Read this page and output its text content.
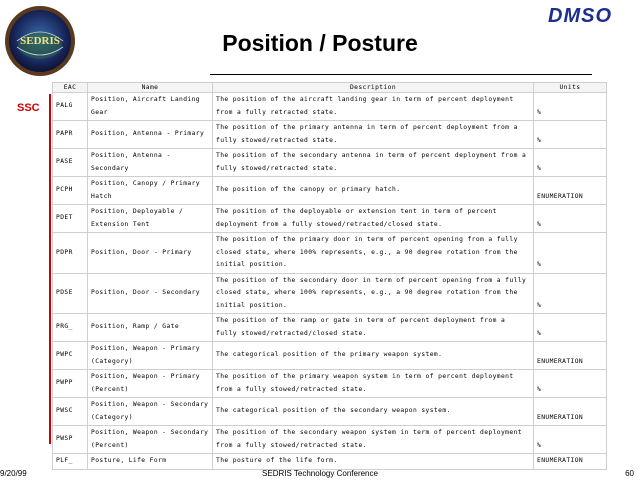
SEDRIS
DMSO
Position / Posture
SSC
EAC	Name	Description	Units
PALG	Position, Aircraft Landing Gear	The position of the aircraft landing gear in term of percent deployment from a fully retracted state.	%
PAPR	Position, Antenna - Primary	The position of the primary antenna in term of percent deployment from a fully stowed/retracted state.	%
PASE	Position, Antenna - Secondary	The position of the secondary antenna in term of percent deployment from a fully stowed/retracted state.	%
PCPH	Position, Canopy / Primary Hatch	The position of the canopy or primary hatch.	ENUMERATION
PDET	Position, Deployable / Extension Tent	The position of the deployable or extension tent in term of percent deployment from a fully stowed/retracted/closed state.	%
PDPR	Position, Door - Primary	The position of the primary door in term of percent opening from a fully closed state, where 100% represents, e.g., a 90 degree rotation from the initial position.	%
PDSE	Position, Door - Secondary	The position of the secondary door in term of percent opening from a fully closed state, where 100% represents, e.g., a 90 degree rotation from the initial position.	%
PRG_	Position, Ramp / Gate	The position of the ramp or gate in term of percent deployment from a fully stowed/retracted/closed state.	%
PWPC	Position, Weapon - Primary (Category)	The categorical position of the primary weapon system.	ENUMERATION
PWPP	Position, Weapon - Primary (Percent)	The position of the primary weapon system in term of percent deployment from a fully stowed/retracted state.	%
PWSC	Position, Weapon - Secondary (Category)	The categorical position of the secondary weapon system.	ENUMERATION
PWSP	Position, Weapon - Secondary (Percent)	The position of the secondary weapon system in term of percent deployment from a fully stowed/retracted state.	%
PLF_	Posture, Life Form	The posture of the life form.	ENUMERATION
9/20/99	SEDRIS Technology Conference	60
